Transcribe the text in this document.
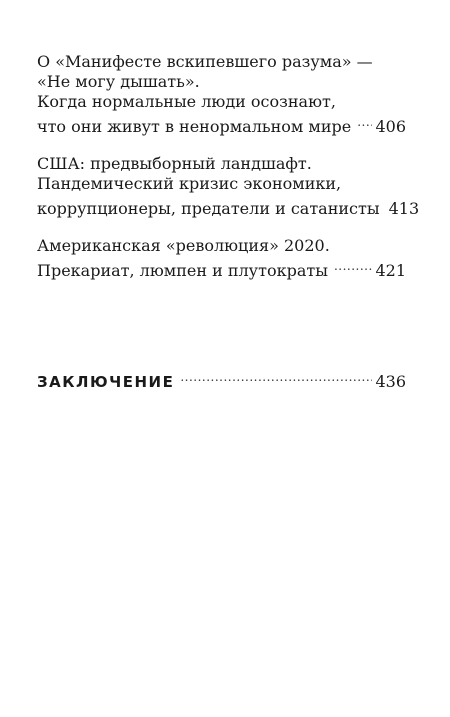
О «Манифесте вскипевшего разума» —
«Не могу дышать».
Когда нормальные люди осознают,
что они живут в ненормальном мире ..... 406
США: предвыборный ландшафт.
Пандемический кризис экономики,
коррупционеры, предатели и сатанисты 413
Американская «революция» 2020.
Прекариат, люмпен и плутократы .....	421
ЗАКЛЮЧЕНИЕ .....	436
